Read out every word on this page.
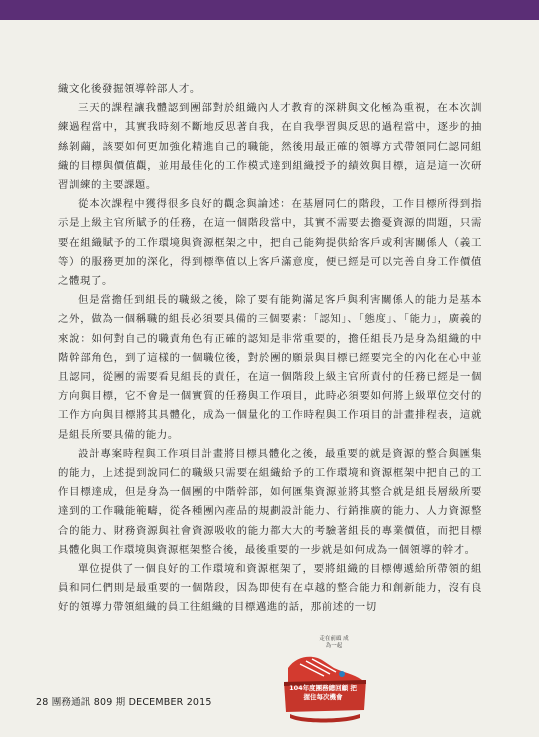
織文化後發掘領導幹部人才。

三天的課程讓我體認到團部對於組織內人才教育的深耕與文化極為重視，在本次訓練過程當中，其實我時刻不斷地反思著自我，在自我學習與反思的過程當中，逐步的抽絲剝繭，該要如何更加強化精進自己的職能，然後用最正確的領導方式帶領同仁認同組織的目標與價值觀，並用最佳化的工作模式達到組織授予的績效與目標，這是這一次研習訓練的主要課題。

從本次課程中獲得很多良好的觀念與論述：在基層同仁的階段，工作目標所得到指示是上級主官所賦予的任務，在這一個階段當中，其實不需要去擔憂資源的問題，只需要在組織賦予的工作環境與資源框架之中，把自己能夠提供給客戶或利害關係人（義工等）的服務更加的深化，得到標準值以上客戶滿意度，便已經是可以完善自身工作價值之體現了。

但是當擔任到組長的職級之後，除了要有能夠滿足客戶與利害關係人的能力是基本之外，做為一個稱職的組長必須要具備的三個要素：「認知」、「態度」、「能力」，廣義的來說：如何對自己的職責角色有正確的認知是非常重要的，擔任組長乃是身為組織的中階幹部角色，到了這樣的一個職位後，對於團的願景與目標已經要完全的內化在心中並且認同，從團的需要看見組長的責任，在這一個階段上級主官所責付的任務已經是一個方向與目標，它不會是一個實質的任務與工作項目，此時必須要如何將上級單位交付的工作方向與目標將其具體化，成為一個量化的工作時程與工作項目的計畫排程表，這就是組長所要具備的能力。

設計專案時程與工作項目計畫將目標具體化之後，最重要的就是資源的整合與匯集的能力，上述提到說同仁的職級只需要在組織給予的工作環境和資源框架中把自己的工作目標達成，但是身為一個團的中階幹部，如何匯集資源並將其整合就是組長層級所要達到的工作職能範疇，從各種團內產品的規劃設計能力、行銷推廣的能力、人力資源整合的能力、財務資源與社會資源吸收的能力都大大的考驗著組長的專業價值，而把目標具體化與工作環境與資源框架整合後，最後重要的一步就是如何成為一個領導的幹才。

單位提供了一個良好的工作環境和資源框架了，要將組織的目標傳遞給所帶領的組員和同仁們則是最重要的一個階段，因為即使有在卓越的整合能力和創新能力，沒有良好的領導力帶領組織的員工往組織的目標邁進的話，那前述的一切

28 團務通訊 809 期 DECEMBER 2015
走在前頭 成為一起
104年度團務總回顧 把握住每次機會
